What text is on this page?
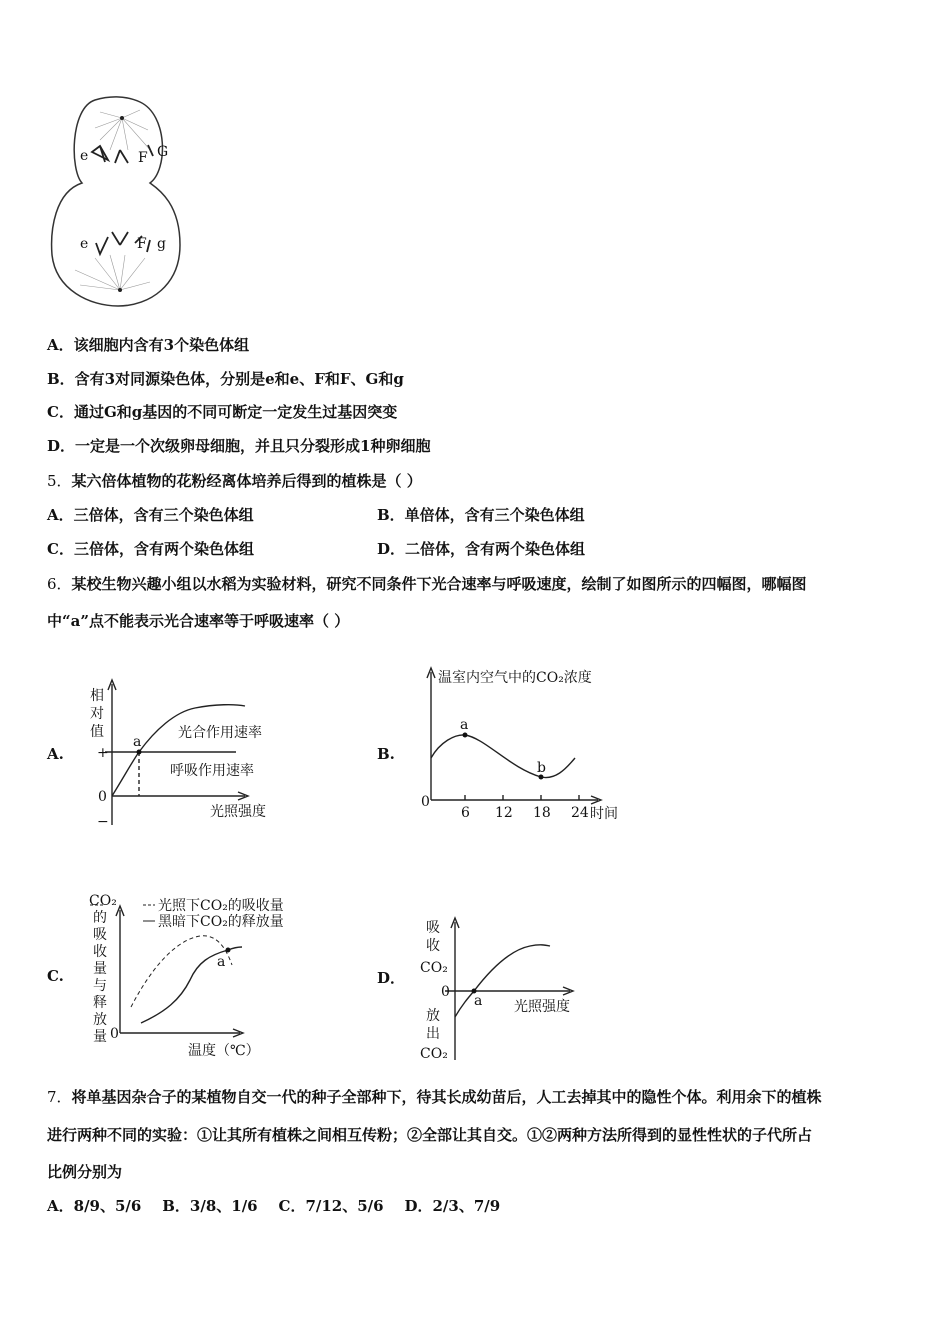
e	F G
e	F g
A．该细胞内含有3个染色体组
B．含有3对同源染色体，分别是e和e、F和F、G和g
C．通过G和g基因的不同可断定一定发生过基因突变
D．一定是一个次级卵母细胞，并且只分裂形成1种卵细胞
5．某六倍体植物的花粉经离体培养后得到的植株是（ ）
A．三倍体，含有三个染色体组	B．单倍体，含有三个染色体组
C．三倍体，含有两个染色体组	D．二倍体，含有两个染色体组
6．某校生物兴趣小组以水稻为实验材料，研究不同条件下光合速率与呼吸速度，绘制了如图所示的四幅图，哪幅图
中“a”点不能表示光合速率等于呼吸速率（ ）
A.
相
对
值
+
0
−
a
光合作用速率
呼吸作用速率
光照强度
B.
温室内空气中的CO₂浓度
a
b
0
6 12 18 24 时间
C.
CO₂
的
吸
收
量
与
释
放
量
光照下CO₂的吸收量
黑暗下CO₂的释放量
0
a
温度（℃）
D．
吸
收
CO₂
放
出
CO₂
0
a 光照强度
7．将单基因杂合子的某植物自交一代的种子全部种下，待其长成幼苗后，人工去掉其中的隐性个体。利用余下的植株
进行两种不同的实验：①让其所有植株之间相互传粉；②全部让其自交。①②两种方法所得到的显性性状的子代所占
比例分别为
A．8/9、5/6    B．3/8、1/6    C．7/12、5/6    D．2/3、7/9
